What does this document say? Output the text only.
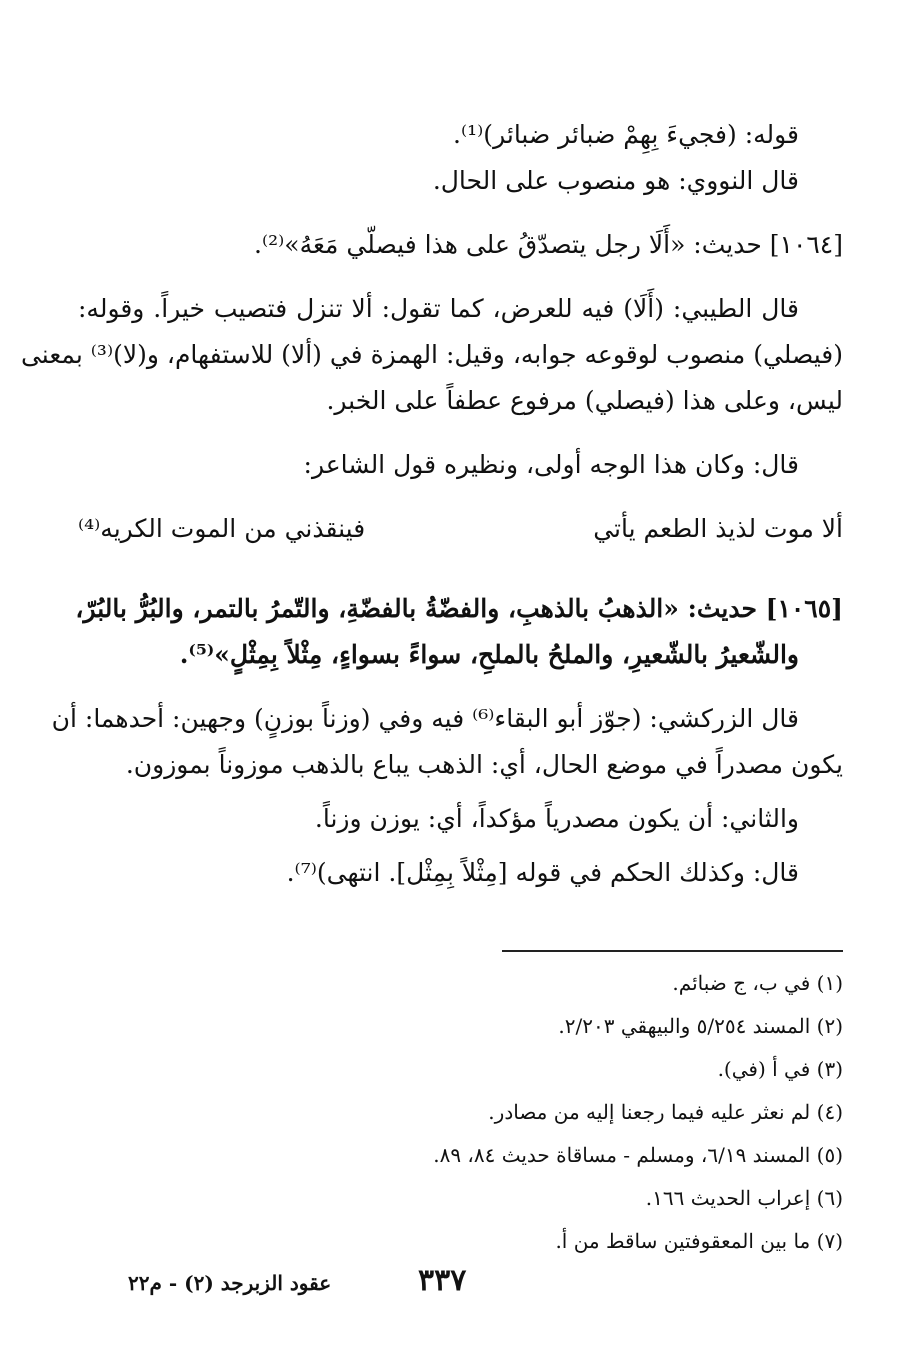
قوله: (فجيءَ بِهِمْ ضبائر ضبائر)⁽¹⁾.
قال النووي: هو منصوب على الحال.
[١٠٦٤] حديث: «أَلَا رجل يتصدّقُ على هذا فيصلّي مَعَهُ»⁽²⁾.
قال الطيبي: (أَلَا) فيه للعرض، كما تقول: ألا تنزل فتصيب خيراً. وقوله:
(فيصلي) منصوب لوقوعه جوابه، وقيل: الهمزة في (ألا) للاستفهام، و(لا)⁽³⁾ بمعنى
ليس، وعلى هذا (فيصلي) مرفوع عطفاً على الخبر.
قال: وكان هذا الوجه أولى، ونظيره قول الشاعر:
ألا موت لذيذ الطعم يأتي
فينقذني من الموت الكريه⁽⁴⁾
[١٠٦٥] حديث: «الذهبُ بالذهبِ، والفضّةُ بالفضّةِ، والتّمرُ بالتمر، والبُرُّ بالبُرّ،
والشّعيرُ بالشّعيرِ، والملحُ بالملحِ، سواءً بسواءٍ، مِثْلاً بِمِثْلٍ»⁽⁵⁾.
قال الزركشي: (جوّز أبو البقاء⁽⁶⁾ فيه وفي (وزناً بوزنٍ) وجهين: أحدهما: أن
يكون مصدراً في موضع الحال، أي: الذهب يباع بالذهب موزوناً بموزون.
والثاني: أن يكون مصدرياً مؤكداً، أي: يوزن وزناً.
قال: وكذلك الحكم في قوله [مِثْلاً بِمِثْل]. انتهى)⁽⁷⁾.
(١) في ب، ج ضبائم.
(٢) المسند ٥/٢٥٤ والبيهقي ٢/٢٠٣.
(٣) في أ (في).
(٤) لم نعثر عليه فيما رجعنا إليه من مصادر.
(٥) المسند ٦/١٩، ومسلم - مساقاة حديث ٨٤، ٨٩.
(٦) إعراب الحديث ١٦٦.
(٧) ما بين المعقوفتين ساقط من أ.
٣٣٧
عقود الزبرجد (٢) - م٢٢
